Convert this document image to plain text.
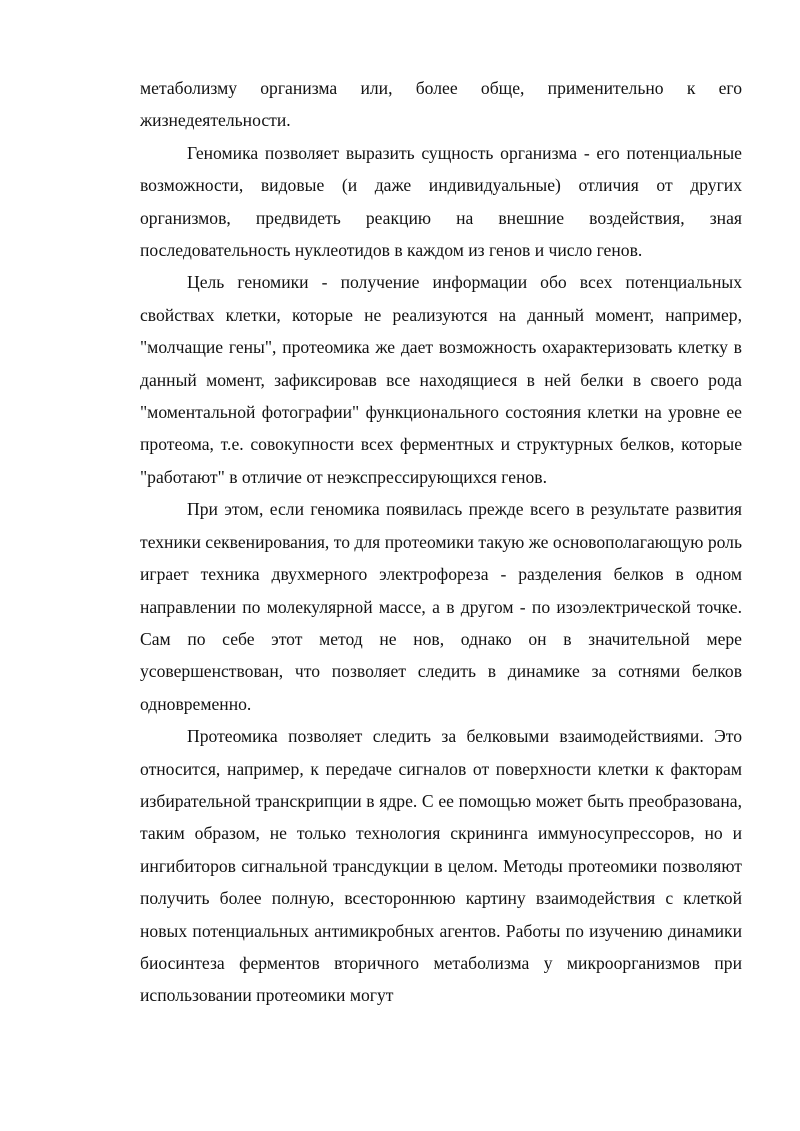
метаболизму организма или, более обще, применительно к его жизнедеятельности.

Геномика позволяет выразить сущность организма - его потенциальные возможности, видовые (и даже индивидуальные) отличия от других организмов, предвидеть реакцию на внешние воздействия, зная последовательность нуклеотидов в каждом из генов и число генов.

Цель геномики - получение информации обо всех потенциальных свойствах клетки, которые не реализуются на данный момент, например, "молчащие гены", протеомика же дает возможность охарактеризовать клетку в данный момент, зафиксировав все находящиеся в ней белки в своего рода "моментальной фотографии" функционального состояния клетки на уровне ее протеома, т.е. совокупности всех ферментных и структурных белков, которые "работают" в отличие от неэкспрессирующихся генов.

При этом, если геномика появилась прежде всего в результате развития техники секвенирования, то для протеомики такую же основополагающую роль играет техника двухмерного электрофореза - разделения белков в одном направлении по молекулярной массе, а в другом - по изоэлектрической точке. Сам по себе этот метод не нов, однако он в значительной мере усовершенствован, что позволяет следить в динамике за сотнями белков одновременно.

Протеомика позволяет следить за белковыми взаимодействиями. Это относится, например, к передаче сигналов от поверхности клетки к факторам избирательной транскрипции в ядре. С ее помощью может быть преобразована, таким образом, не только технология скрининга иммуносупрессоров, но и ингибиторов сигнальной трансдукции в целом. Методы протеомики позволяют получить более полную, всестороннюю картину взаимодействия с клеткой новых потенциальных антимикробных агентов. Работы по изучению динамики биосинтеза ферментов вторичного метаболизма у микроорганизмов при использовании протеомики могут
